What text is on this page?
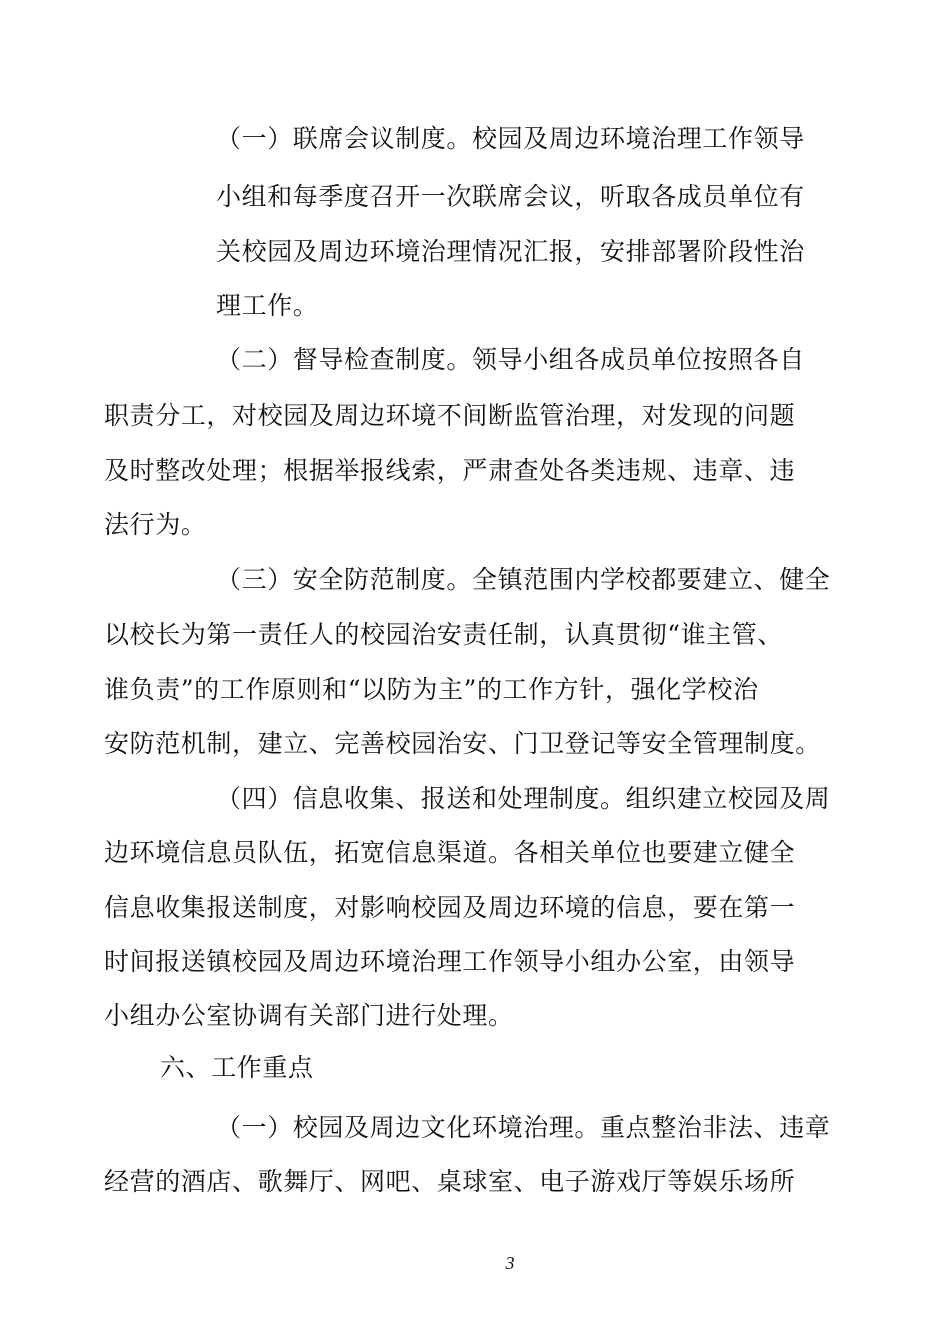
（一）联席会议制度。校园及周边环境治理工作领导
小组和每季度召开一次联席会议，听取各成员单位有
关校园及周边环境治理情况汇报，安排部署阶段性治
理工作。
（二）督导检查制度。领导小组各成员单位按照各自
职责分工，对校园及周边环境不间断监管治理，对发现的问题
及时整改处理；根据举报线索，严肃查处各类违规、违章、违
法行为。
（三）安全防范制度。全镇范围内学校都要建立、健全
以校长为第一责任人的校园治安责任制，认真贯彻“谁主管、
谁负责”的工作原则和“以防为主”的工作方针，强化学校治
安防范机制，建立、完善校园治安、门卫登记等安全管理制度。
（四）信息收集、报送和处理制度。组织建立校园及周
边环境信息员队伍，拓宽信息渠道。各相关单位也要建立健全
信息收集报送制度，对影响校园及周边环境的信息，要在第一
时间报送镇校园及周边环境治理工作领导小组办公室，由领导
小组办公室协调有关部门进行处理。
六、工作重点
（一）校园及周边文化环境治理。重点整治非法、违章
经营的酒店、歌舞厅、网吧、桌球室、电子游戏厅等娱乐场所
3
